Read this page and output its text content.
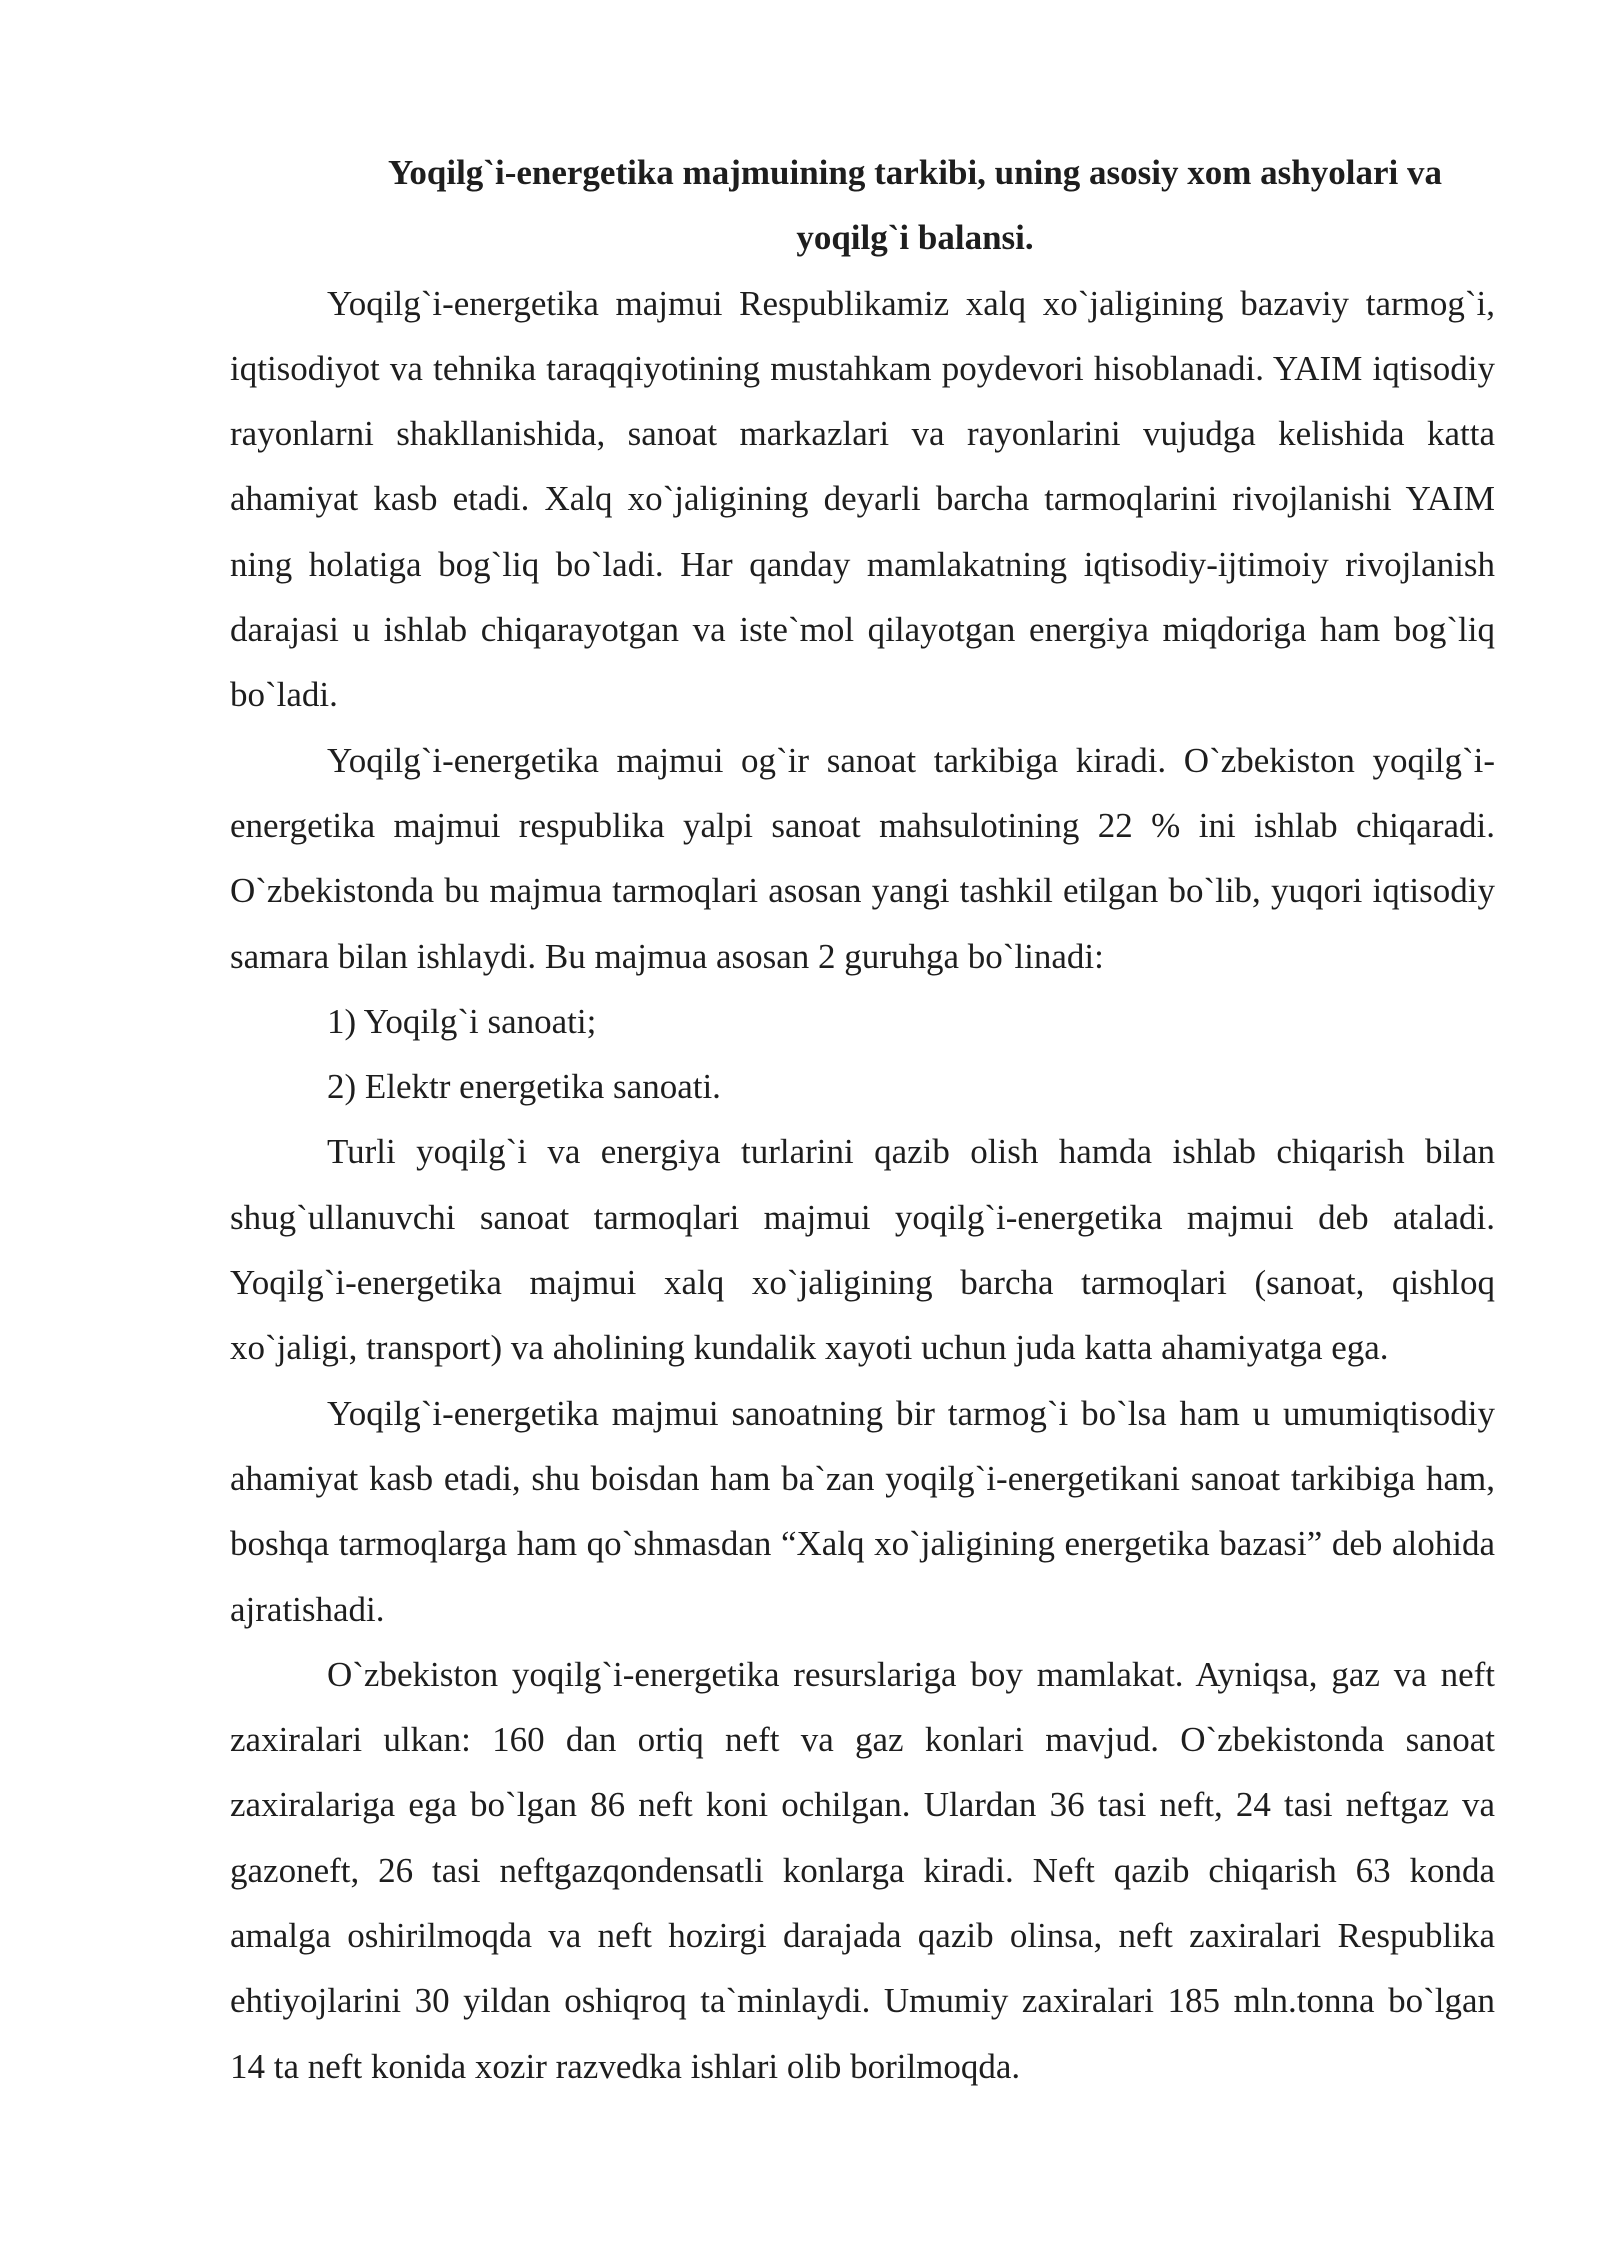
Yoqilg`i-energetika majmuining tarkibi, uning asosiy xom ashyolari va yoqilg`i balansi.

Yoqilg`i-energetika majmui Respublikamiz xalq xo`jaligining bazaviy tarmog`i, iqtisodiyot va tehnika taraqqiyotining mustahkam poydevori hisoblanadi. YAIM iqtisodiy rayonlarni shakllanishida, sanoat markazlari va rayonlarini vujudga kelishida katta ahamiyat kasb etadi. Xalq xo`jaligining deyarli barcha tarmoqlarini rivojlanishi YAIM ning holatiga bog`liq bo`ladi. Har qanday mamlakatning iqtisodiy-ijtimoiy rivojlanish darajasi u ishlab chiqarayotgan va iste`mol qilayotgan energiya miqdoriga ham bog`liq bo`ladi.

Yoqilg`i-energetika majmui og`ir sanoat tarkibiga kiradi. O`zbekiston yoqilg`i-energetika majmui respublika yalpi sanoat mahsulotining 22 % ini ishlab chiqaradi. O`zbekistonda bu majmua tarmoqlari asosan yangi tashkil etilgan bo`lib, yuqori iqtisodiy samara bilan ishlaydi. Bu majmua asosan 2 guruhga bo`linadi:

1) Yoqilg`i sanoati;

2) Elektr energetika sanoati.

Turli yoqilg`i va energiya turlarini qazib olish hamda ishlab chiqarish bilan shug`ullanuvchi sanoat tarmoqlari majmui yoqilg`i-energetika majmui deb ataladi. Yoqilg`i-energetika majmui xalq xo`jaligining barcha tarmoqlari (sanoat, qishloq xo`jaligi, transport) va aholining kundalik xayoti uchun juda katta ahamiyatga ega.

Yoqilg`i-energetika majmui sanoatning bir tarmog`i bo`lsa ham u umumiqtisodiy ahamiyat kasb etadi, shu boisdan ham ba`zan yoqilg`i-energetikani sanoat tarkibiga ham, boshqa tarmoqlarga ham qo`shmasdan “Xalq xo`jaligining energetika bazasi” deb alohida ajratishadi.

O`zbekiston yoqilg`i-energetika resurslariga boy mamlakat. Ayniqsa, gaz va neft zaxiralari ulkan: 160 dan ortiq neft va gaz konlari mavjud. O`zbekistonda sanoat zaxiralariga ega bo`lgan 86 neft koni ochilgan. Ulardan 36 tasi neft, 24 tasi neftgaz va gazoneft, 26 tasi neftgazqondensatli konlarga kiradi. Neft qazib chiqarish 63 konda amalga oshirilmoqda va neft hozirgi darajada qazib olinsa, neft zaxiralari Respublika ehtiyojlarini 30 yildan oshiqroq ta`minlaydi. Umumiy zaxiralari 185 mln.tonna bo`lgan 14 ta neft konida xozir razvedka ishlari olib borilmoqda.
